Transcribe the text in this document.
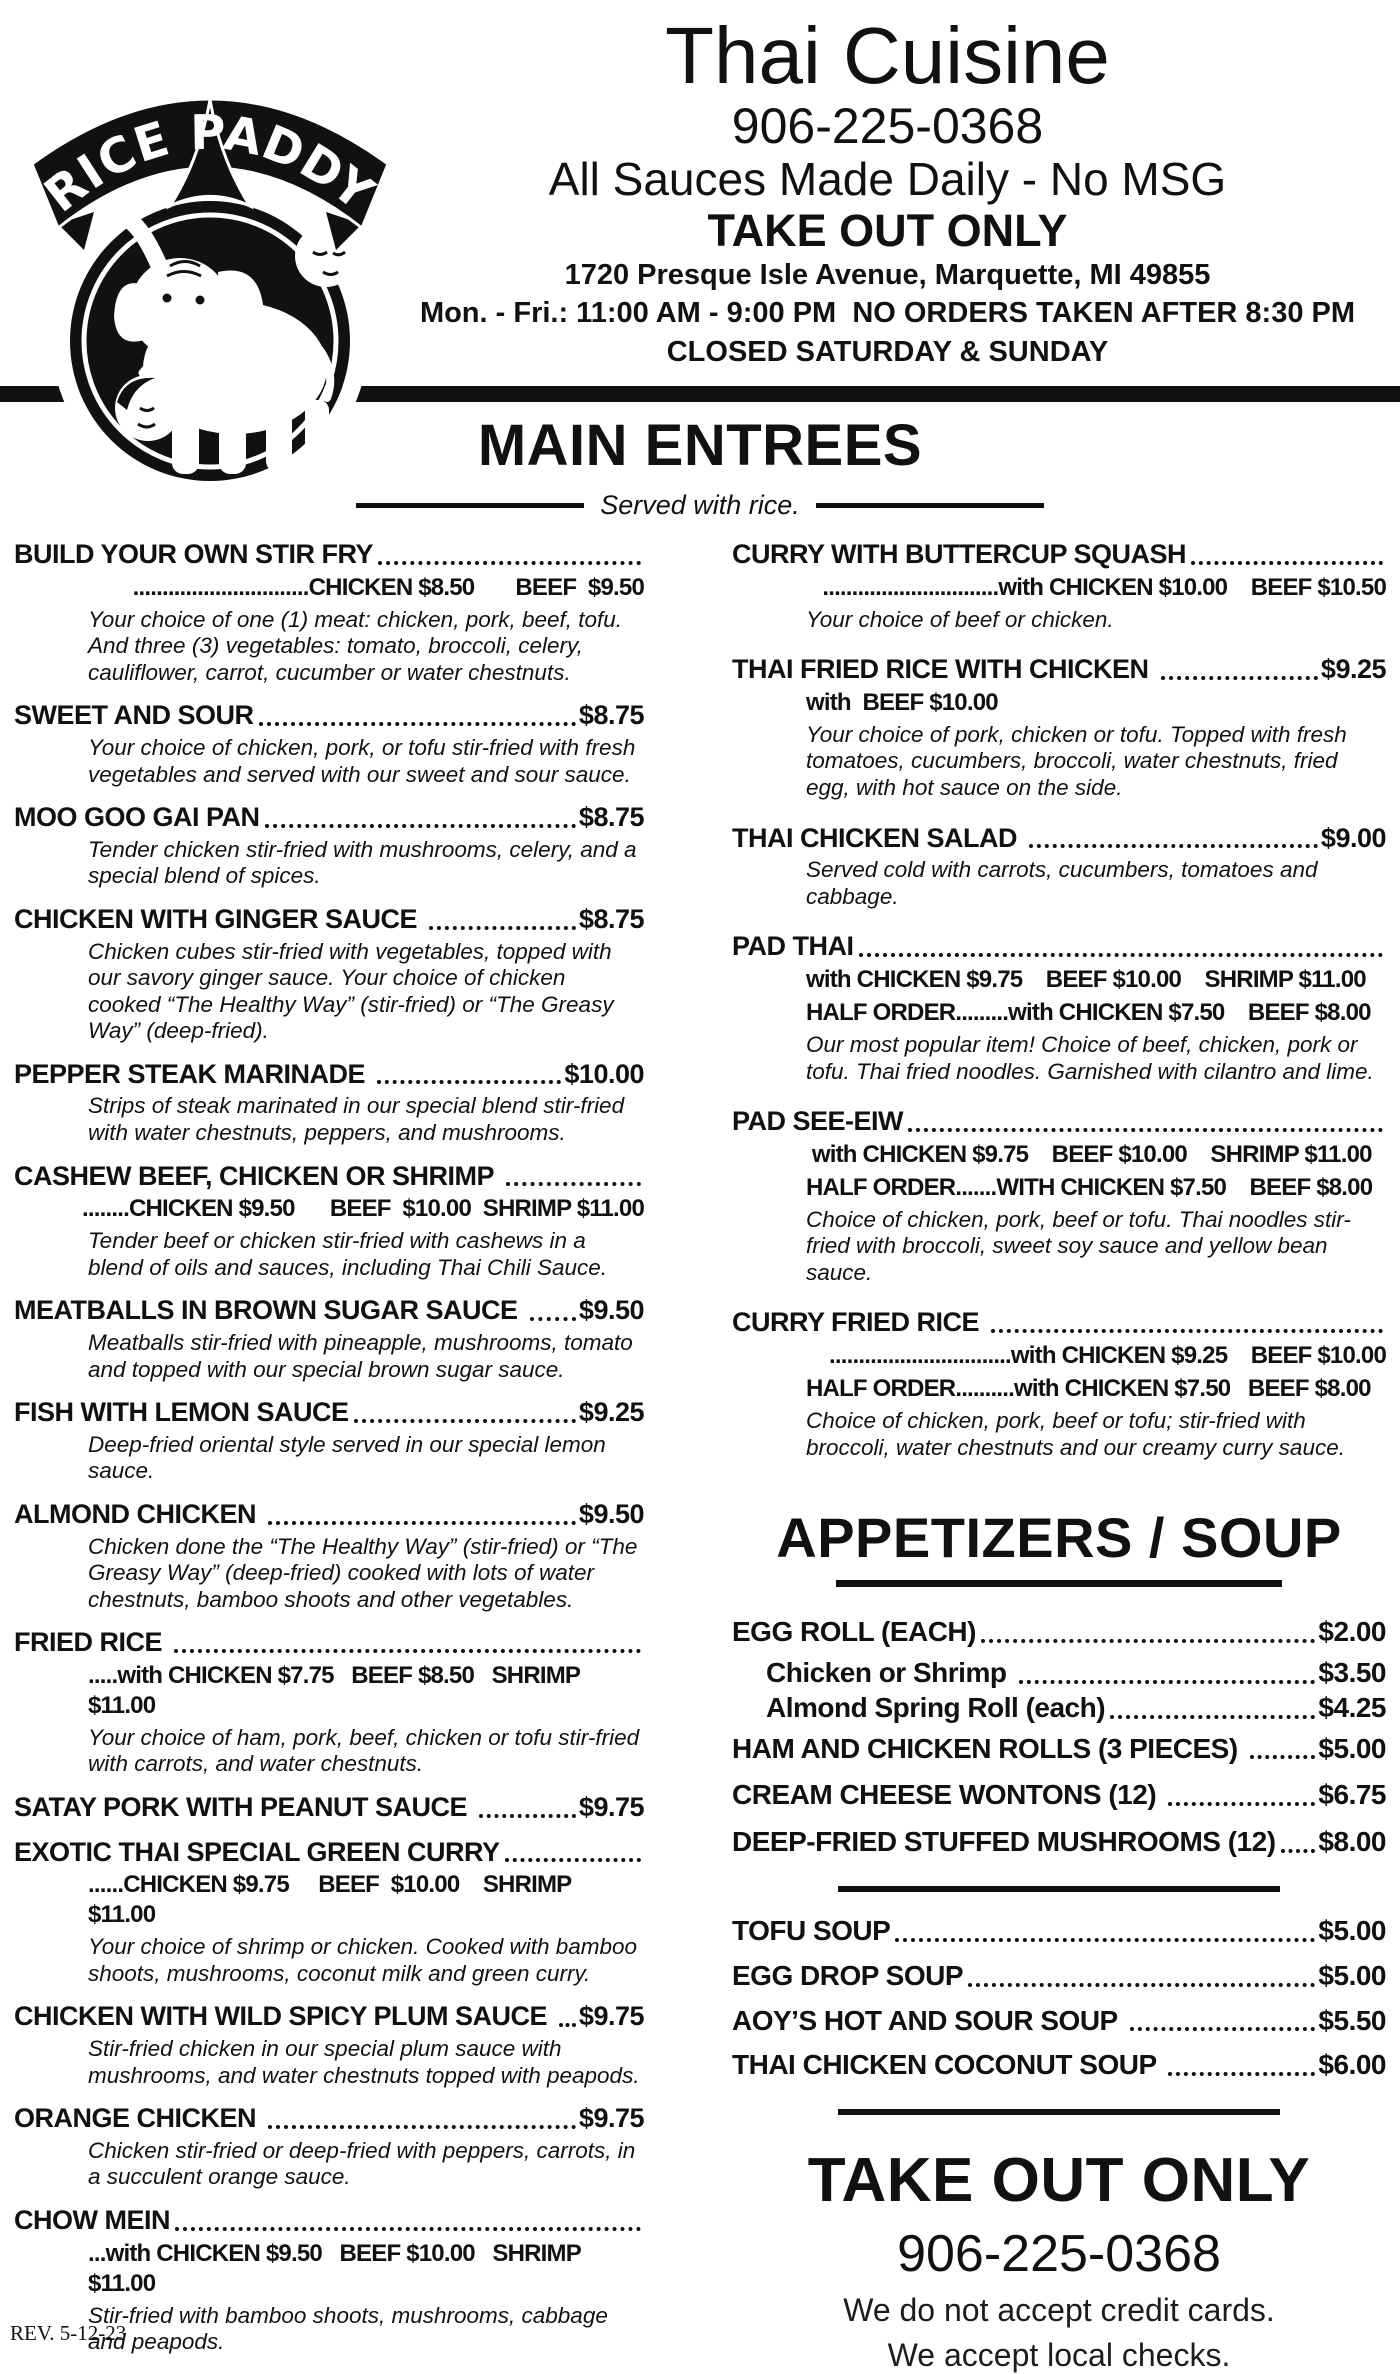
RICE PADDY
Thai Cuisine
906-225-0368
All Sauces Made Daily - No MSG
TAKE OUT ONLY
1720 Presque Isle Avenue, Marquette, MI 49855
Mon. - Fri.: 11:00 AM - 9:00 PM  NO ORDERS TAKEN AFTER 8:30 PM
CLOSED SATURDAY & SUNDAY
MAIN ENTREES
Served with rice.
BUILD YOUR OWN STIR FRY
..............................CHICKEN $8.50       BEEF  $9.50
Your choice of one (1) meat: chicken, pork, beef, tofu. And three (3) vegetables: tomato, broccoli, celery, cauliflower, carrot, cucumber or water chestnuts.
SWEET AND SOUR	$8.75
Your choice of chicken, pork, or tofu stir-fried with fresh vegetables and served with our sweet and sour sauce.
MOO GOO GAI PAN	$8.75
Tender chicken stir-fried with mushrooms, celery, and a special blend of spices.
CHICKEN WITH GINGER SAUCE	$8.75
Chicken cubes stir-fried with vegetables, topped with our savory ginger sauce. Your choice of chicken cooked “The Healthy Way” (stir-fried) or “The Greasy Way” (deep-fried).
PEPPER STEAK MARINADE	$10.00
Strips of steak marinated in our special blend stir-fried with water chestnuts, peppers, and mushrooms.
CASHEW BEEF, CHICKEN OR SHRIMP
........CHICKEN $9.50      BEEF  $10.00  SHRIMP $11.00
Tender beef or chicken stir-fried with cashews in a blend of oils and sauces, including Thai Chili Sauce.
MEATBALLS IN BROWN SUGAR SAUCE $9.50
Meatballs stir-fried with pineapple, mushrooms, tomato and topped with our special brown sugar sauce.
FISH WITH LEMON SAUCE	$9.25
Deep-fried oriental style served in our special lemon sauce.
ALMOND CHICKEN	$9.50
Chicken done the “The Healthy Way” (stir-fried) or “The Greasy Way” (deep-fried) cooked with lots of water chestnuts, bamboo shoots and other vegetables.
FRIED RICE
.....with CHICKEN $7.75   BEEF $8.50   SHRIMP $11.00
Your choice of ham, pork, beef, chicken or tofu stir-fried with carrots, and water chestnuts.
SATAY PORK WITH PEANUT SAUCE	$9.75
EXOTIC THAI SPECIAL GREEN CURRY
......CHICKEN $9.75     BEEF  $10.00    SHRIMP $11.00
Your choice of shrimp or chicken. Cooked with bamboo shoots, mushrooms, coconut milk and green curry.
CHICKEN WITH WILD SPICY PLUM SAUCE $9.75
Stir-fried chicken in our special plum sauce with mushrooms, and water chestnuts topped with peapods.
ORANGE CHICKEN	$9.75
Chicken stir-fried or deep-fried with peppers, carrots, in a succulent orange sauce.
CHOW MEIN
...with CHICKEN $9.50   BEEF $10.00   SHRIMP $11.00
Stir-fried with bamboo shoots, mushrooms, cabbage and peapods.
CURRY WITH BUTTERCUP SQUASH
..............................with CHICKEN $10.00    BEEF $10.50
Your choice of beef or chicken.
THAI FRIED RICE WITH CHICKEN	$9.25
with  BEEF $10.00
Your choice of pork, chicken or tofu. Topped with fresh tomatoes, cucumbers, broccoli, water chestnuts, fried egg, with hot sauce on the side.
THAI CHICKEN SALAD	$9.00
Served cold with carrots, cucumbers, tomatoes and cabbage.
PAD THAI
with CHICKEN $9.75    BEEF $10.00    SHRIMP $11.00
HALF ORDER.........with CHICKEN $7.50    BEEF $8.00
Our most popular item! Choice of beef, chicken, pork or tofu. Thai fried noodles. Garnished with cilantro and lime.
PAD SEE-EIW
with CHICKEN $9.75    BEEF $10.00    SHRIMP $11.00
HALF ORDER.......WITH CHICKEN $7.50    BEEF $8.00
Choice of chicken, pork, beef or tofu. Thai noodles stir-fried with broccoli, sweet soy sauce and yellow bean sauce.
CURRY FRIED RICE
...............................with CHICKEN $9.25    BEEF $10.00
HALF ORDER..........with CHICKEN $7.50   BEEF $8.00
Choice of chicken, pork, beef or tofu; stir-fried with broccoli, water chestnuts and our creamy curry sauce.
APPETIZERS / SOUP
EGG ROLL (EACH)	$2.00
Chicken or Shrimp	$3.50
Almond Spring Roll (each)	$4.25
HAM AND CHICKEN ROLLS (3 PIECES)	$5.00
CREAM CHEESE WONTONS (12)	$6.75
DEEP-FRIED STUFFED MUSHROOMS (12) $8.00
TOFU SOUP	$5.00
EGG DROP SOUP	$5.00
AOY’S HOT AND SOUR SOUP	$5.50
THAI CHICKEN COCONUT SOUP	$6.00
TAKE OUT ONLY
906-225-0368
We do not accept credit cards.
We accept local checks.
REV. 5-12-23
